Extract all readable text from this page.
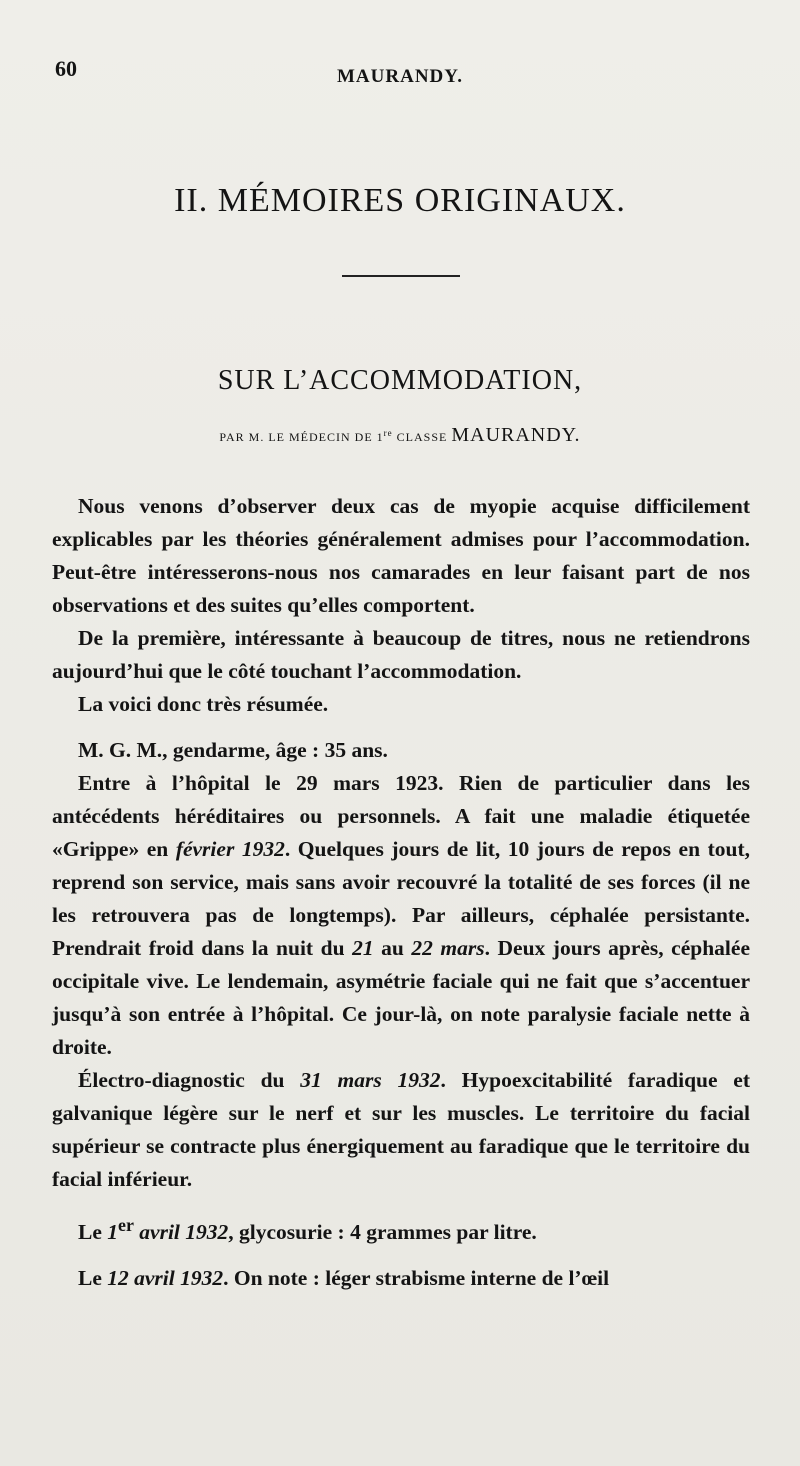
60	MAURANDY.
II. MÉMOIRES ORIGINAUX.
SUR L’ACCOMMODATION,
PAR M. LE MÉDECIN DE 1re CLASSE MAURANDY.

Nous venons d’observer deux cas de myopie acquise difficilement explicables par les théories généralement admises pour l’accommodation. Peut-être intéresserons-nous nos camarades en leur faisant part de nos observations et des suites qu’elles comportent.

De la première, intéressante à beaucoup de titres, nous ne retiendrons aujourd’hui que le côté touchant l’accommodation.

La voici donc très résumée.

M. G. M., gendarme, âge : 35 ans.

Entre à l’hôpital le 29 mars 1923. Rien de particulier dans les antécédents héréditaires ou personnels. A fait une maladie étiquetée «Grippe» en février 1932. Quelques jours de lit, 10 jours de repos en tout, reprend son service, mais sans avoir recouvré la totalité de ses forces (il ne les retrouvera pas de longtemps). Par ailleurs, céphalée persistante. Prendrait froid dans la nuit du 21 au 22 mars. Deux jours après, céphalée occipitale vive. Le lendemain, asymétrie faciale qui ne fait que s’accentuer jusqu’à son entrée à l’hôpital. Ce jour-là, on note paralysie faciale nette à droite.

Électro-diagnostic du 31 mars 1932. Hypoexcitabilité faradique et galvanique légère sur le nerf et sur les muscles. Le territoire du facial supérieur se contracte plus énergiquement au faradique que le territoire du facial inférieur.

Le 1er avril 1932, glycosurie : 4 grammes par litre.

Le 12 avril 1932. On note : léger strabisme interne de l’œil
